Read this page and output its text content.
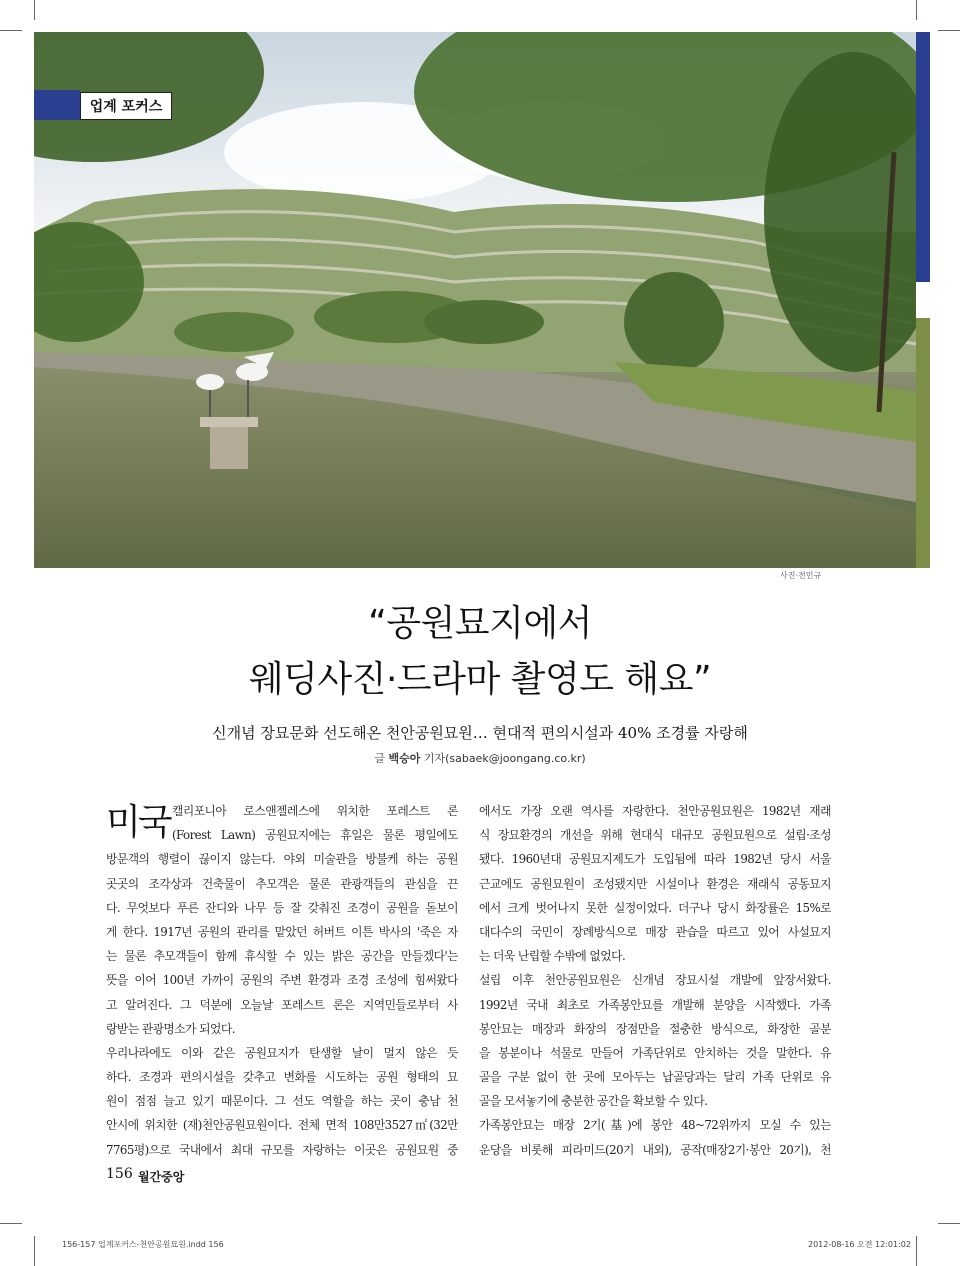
업계 포커스
사진·전민규
“공원묘지에서
웨딩사진·드라마 촬영도 해요”
신개념 장묘문화 선도해온 천안공원묘원… 현대적 편의시설과 40% 조경률 자랑해
글 백승아 기자(sabaek@joongang.co.kr)
미국 캘리포니아 로스앤젤레스에 위치한 포레스트 론
(Forest Lawn) 공원묘지에는 휴일은 물론 평일에도
방문객의 행렬이 끊이지 않는다. 야외 미술관을 방불케 하는 공원
곳곳의 조각상과 건축물이 추모객은 물론 관광객들의 관심을 끈
다. 무엇보다 푸른 잔디와 나무 등 잘 갖춰진 조경이 공원을 돋보이
게 한다. 1917년 공원의 관리를 맡았던 허버트 이튼 박사의 '죽은 자
는 물론 추모객들이 함께 휴식할 수 있는 밝은 공간을 만들겠다'는
뜻을 이어 100년 가까이 공원의 주변 환경과 조경 조성에 힘써왔다
고 알려진다. 그 덕분에 오늘날 포레스트 론은 지역민들로부터 사
랑받는 관광명소가 되었다.
우리나라에도 이와 같은 공원묘지가 탄생할 날이 멀지 않은 듯
하다. 조경과 편의시설을 갖추고 변화를 시도하는 공원 형태의 묘
원이 점점 늘고 있기 때문이다. 그 선도 역할을 하는 곳이 충남 천
안시에 위치한 (재)천안공원묘원이다. 전체 면적 108만3527㎡(32만
7765평)으로 국내에서 최대 규모를 자랑하는 이곳은 공원묘원 중
에서도 가장 오랜 역사를 자랑한다. 천안공원묘원은 1982년 재래
식 장묘환경의 개선을 위해 현대식 대규모 공원묘원으로 설립·조성
됐다. 1960년대 공원묘지제도가 도입됨에 따라 1982년 당시 서울
근교에도 공원묘원이 조성됐지만 시설이나 환경은 재래식 공동묘지
에서 크게 벗어나지 못한 실정이었다. 더구나 당시 화장률은 15%로
대다수의 국민이 장례방식으로 매장 관습을 따르고 있어 사설묘지
는 더욱 난립할 수밖에 없었다.
설립 이후 천안공원묘원은 신개념 장묘시설 개발에 앞장서왔다.
1992년 국내 최초로 가족봉안묘를 개발해 분양을 시작했다. 가족
봉안묘는 매장과 화장의 장점만을 절충한 방식으로, 화장한 골분
을 봉분이나 석물로 만들어 가족단위로 안치하는 것을 말한다. 유
골을 구분 없이 한 곳에 모아두는 납골당과는 달리 가족 단위로 유
골을 모셔놓기에 충분한 공간을 확보할 수 있다.
가족봉안묘는 매장 2기(基)에 봉안 48~72위까지 모실 수 있는
운당을 비롯해 피라미드(20기 내외), 공작(매장2기·봉안 20기), 천
156 월간중앙
156-157 업계포커스-천안공원묘원.indd 156	2012-08-16 오전 12:01:02
